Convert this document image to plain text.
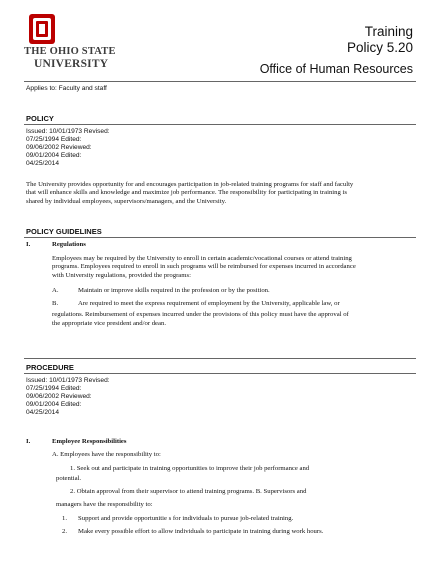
THE OHIO STATE
UNIVERSITY
Training
Policy 5.20
Office of Human Resources
Applies to: Faculty and staff
POLICY
Issued: 10/01/1973 Revised:
07/25/1994 Edited:
09/06/2002 Reviewed:
09/01/2004 Edited:
04/25/2014
The University provides opportunity for and encourages participation in job-related training programs for staff and faculty
that will enhance skills and knowledge and maximize job performance. The responsibility for participating in training is
shared by individual employees, supervisors/managers, and the University.
POLICY GUIDELINES
I.	Regulations
Employees may be required by the University to enroll in certain academic/vocational courses or attend training
programs. Employees required to enroll in such programs will be reimbursed for expenses incurred in accordance
with University regulations, provided the programs:
A.	Maintain or improve skills required in the profession or by the position.
B.	Are required to meet the express requirement of employment by the University, applicable law, or
regulations. Reimbursement of expenses incurred under the provisions of this policy must have the approval of
the appropriate vice president and/or dean.
PROCEDURE
Issued: 10/01/1973 Revised:
07/25/1994 Edited:
09/06/2002 Reviewed:
09/01/2004 Edited:
04/25/2014
I.	Employee Responsibilities
A. Employees have the responsibility to:
1. Seek out and participate in training opportunities to improve their job performance and
potential.
2. Obtain approval from their supervisor to attend training programs. B. Supervisors and
managers have the responsibility to:
1. Support and provide opportunitie s for individuals to pursue job-related training.
2. Make every possible effort to allow individuals to participate in training during work hours.
